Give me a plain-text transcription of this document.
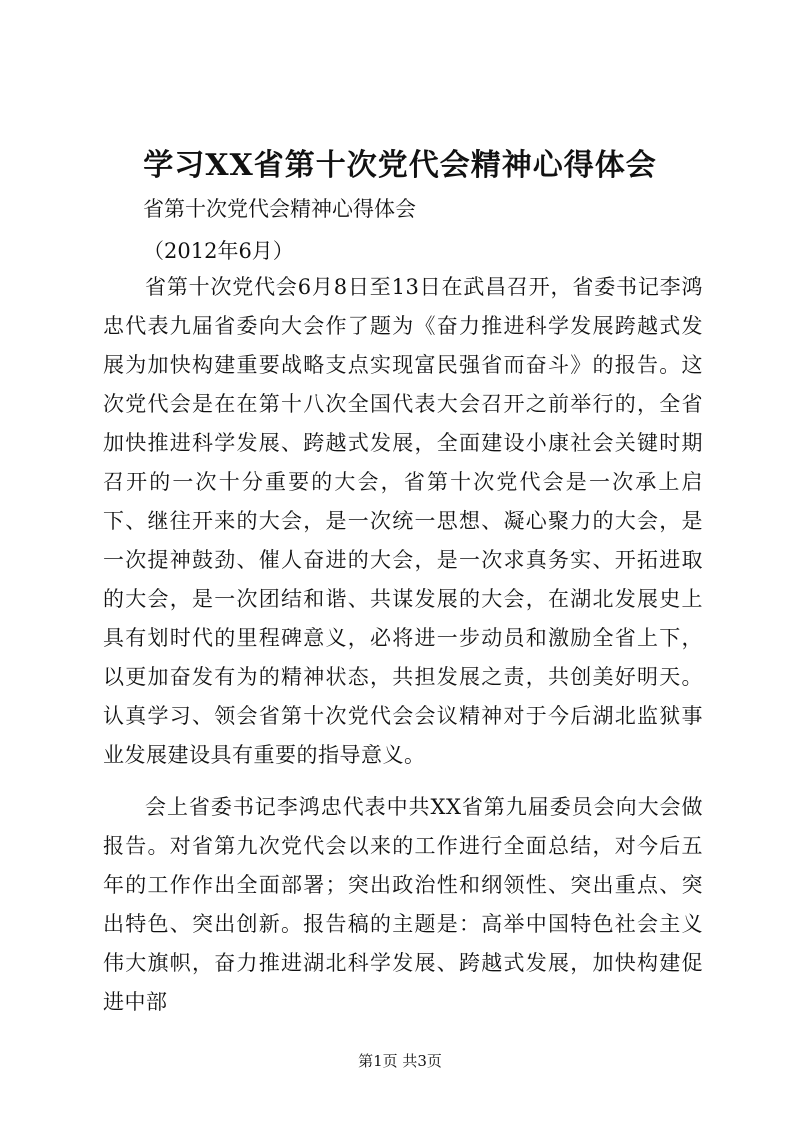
学习XX省第十次党代会精神心得体会

省第十次党代会精神心得体会

（2012年6月）

省第十次党代会6月8日至13日在武昌召开，省委书记李鸿忠代表九届省委向大会作了题为《奋力推进科学发展跨越式发展为加快构建重要战略支点实现富民强省而奋斗》的报告。这次党代会是在在第十八次全国代表大会召开之前举行的，全省加快推进科学发展、跨越式发展，全面建设小康社会关键时期召开的一次十分重要的大会，省第十次党代会是一次承上启下、继往开来的大会，是一次统一思想、凝心聚力的大会，是一次提神鼓劲、催人奋进的大会，是一次求真务实、开拓进取的大会，是一次团结和谐、共谋发展的大会，在湖北发展史上具有划时代的里程碑意义，必将进一步动员和激励全省上下，以更加奋发有为的精神状态，共担发展之责，共创美好明天。认真学习、领会省第十次党代会会议精神对于今后湖北监狱事业发展建设具有重要的指导意义。

会上省委书记李鸿忠代表中共XX省第九届委员会向大会做报告。对省第九次党代会以来的工作进行全面总结，对今后五年的工作作出全面部署；突出政治性和纲领性、突出重点、突出特色、突出创新。报告稿的主题是：高举中国特色社会主义伟大旗帜，奋力推进湖北科学发展、跨越式发展，加快构建促进中部

第1页 共3页
